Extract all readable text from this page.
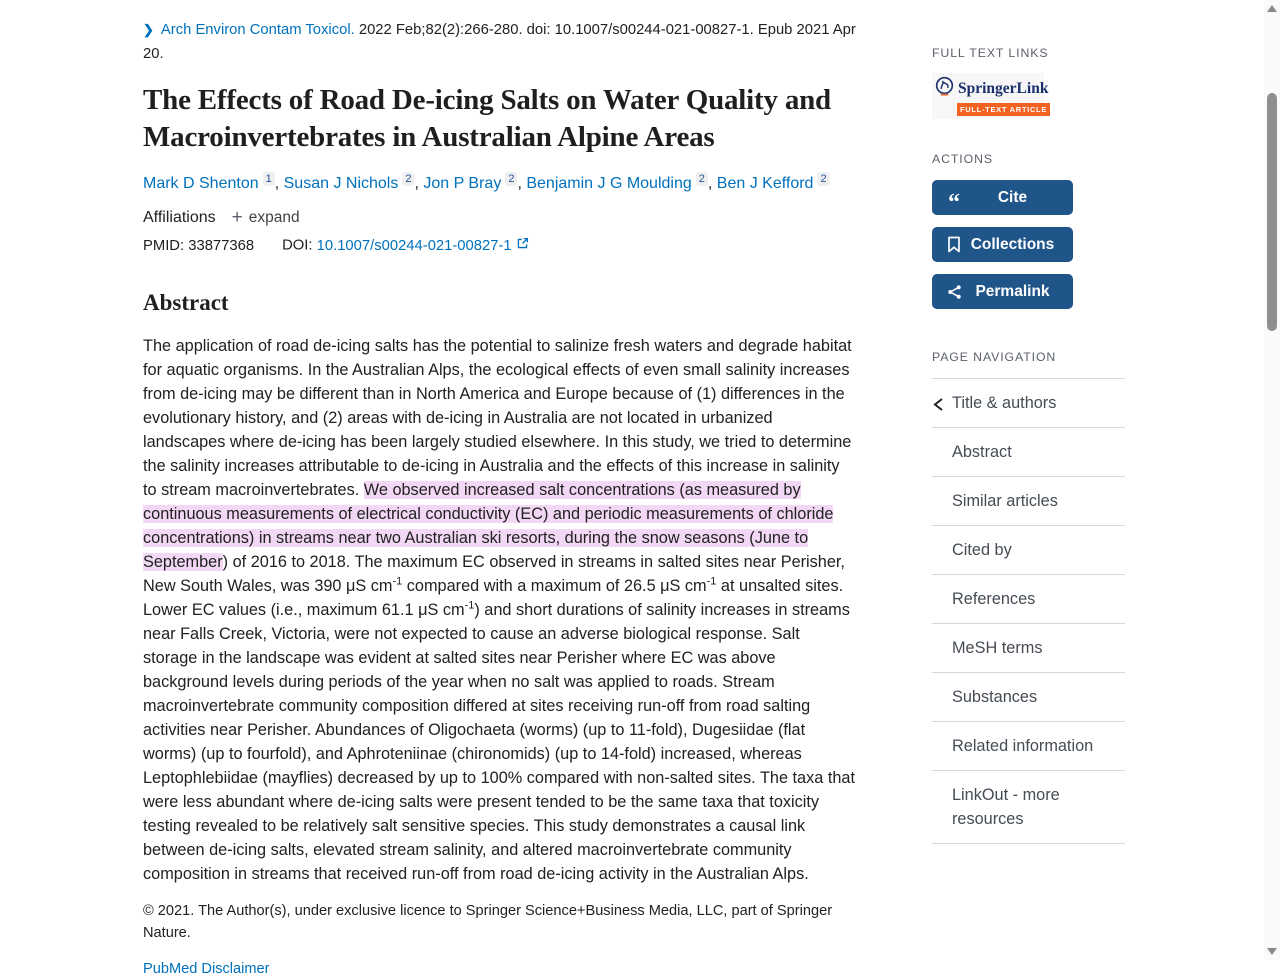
❯ Arch Environ Contam Toxicol. 2022 Feb;82(2):266-280. doi: 10.1007/s00244-021-00827-1. Epub 2021 Apr 20.
The Effects of Road De-icing Salts on Water Quality and Macroinvertebrates in Australian Alpine Areas
Mark D Shenton 1 , Susan J Nichols 2 , Jon P Bray 2 , Benjamin J G Moulding 2 , Ben J Kefford 2
Affiliations + expand
PMID: 33877368 DOI: 10.1007/s00244-021-00827-1
Abstract

The application of road de-icing salts has the potential to salinize fresh waters and degrade habitat for aquatic organisms. In the Australian Alps, the ecological effects of even small salinity increases from de-icing may be different than in North America and Europe because of (1) differences in the evolutionary history, and (2) areas with de-icing in Australia are not located in urbanized landscapes where de-icing has been largely studied elsewhere. In this study, we tried to determine the salinity increases attributable to de-icing in Australia and the effects of this increase in salinity to stream macroinvertebrates. We observed increased salt concentrations (as measured by continuous measurements of electrical conductivity (EC) and periodic measurements of chloride concentrations) in streams near two Australian ski resorts, during the snow seasons (June to September) of 2016 to 2018. The maximum EC observed in streams in salted sites near Perisher, New South Wales, was 390 μS $cm^{-1}$ compared with a maximum of 26.5 μS $cm^{-1}$ at unsalted sites. Lower EC values (i.e., maximum 61.1 μS $cm^{-1}$) and short durations of salinity increases in streams near Falls Creek, Victoria, were not expected to cause an adverse biological response. Salt storage in the landscape was evident at salted sites near Perisher where EC was above background levels during periods of the year when no salt was applied to roads. Stream macroinvertebrate community composition differed at sites receiving run-off from road salting activities near Perisher. Abundances of Oligochaeta (worms) (up to 11-fold), Dugesiidae (flat worms) (up to fourfold), and Aphroteniinae (chironomids) (up to 14-fold) increased, whereas Leptophlebiidae (mayflies) decreased by up to 100% compared with non-salted sites. The taxa that were less abundant where de-icing salts were present tended to be the same taxa that toxicity testing revealed to be relatively salt sensitive species. This study demonstrates a causal link between de-icing salts, elevated stream salinity, and altered macroinvertebrate community composition in streams that received run-off from road de-icing activity in the Australian Alps.

© 2021. The Author(s), under exclusive licence to Springer Science+Business Media, LLC, part of Springer Nature.
PubMed Disclaimer
FULL TEXT LINKS
SpringerLink
FULL-TEXT ARTICLE
ACTIONS
“	Cite
Collections
Permalink
PAGE NAVIGATION
Title & authors
Abstract
Similar articles
Cited by
References
MeSH terms
Substances
Related information
LinkOut - more resources
